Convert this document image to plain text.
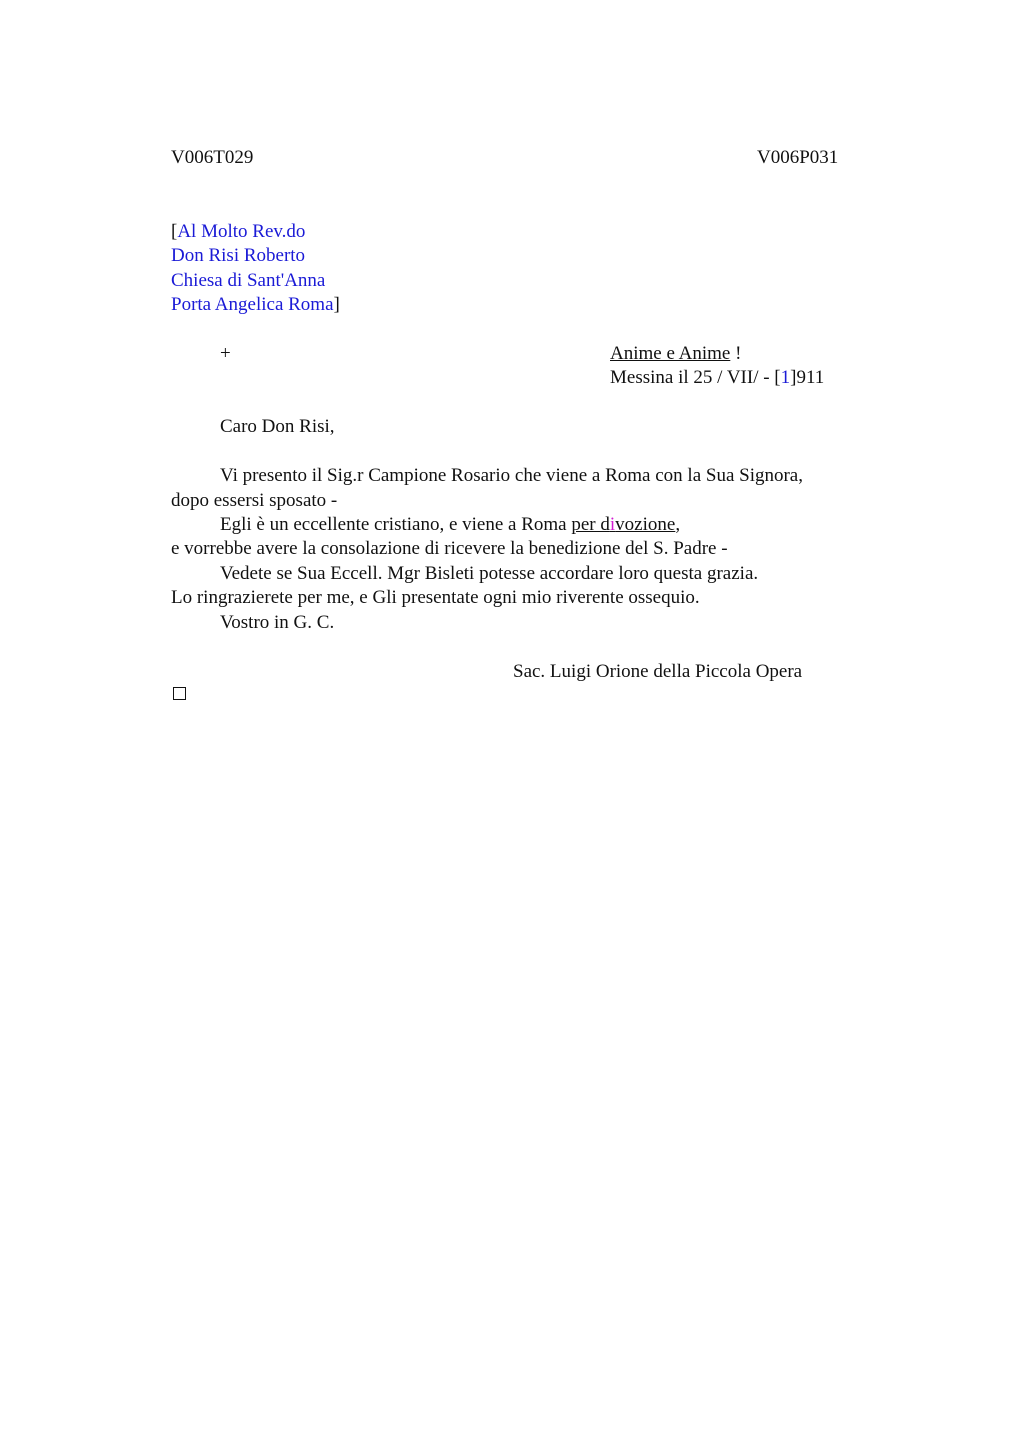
V006T029	V006P031
[Al Molto Rev.do
Don Risi Roberto
Chiesa di Sant'Anna
Porta Angelica Roma]
+	Anime e Anime !
Messina il 25 / VII/ - [1]911
Caro Don Risi,
Vi presento il Sig.r Campione Rosario che viene a Roma con la Sua Signora,
dopo essersi sposato -
Egli è un eccellente cristiano, e viene a Roma per divozione,
e vorrebbe avere la consolazione di ricevere la benedizione del S. Padre -
Vedete se Sua Eccell. Mgr Bisleti potesse accordare loro questa grazia.
Lo ringrazierete per me, e Gli presentate ogni mio riverente ossequio.
Vostro in G. C.
Sac. Luigi Orione della Piccola Opera
